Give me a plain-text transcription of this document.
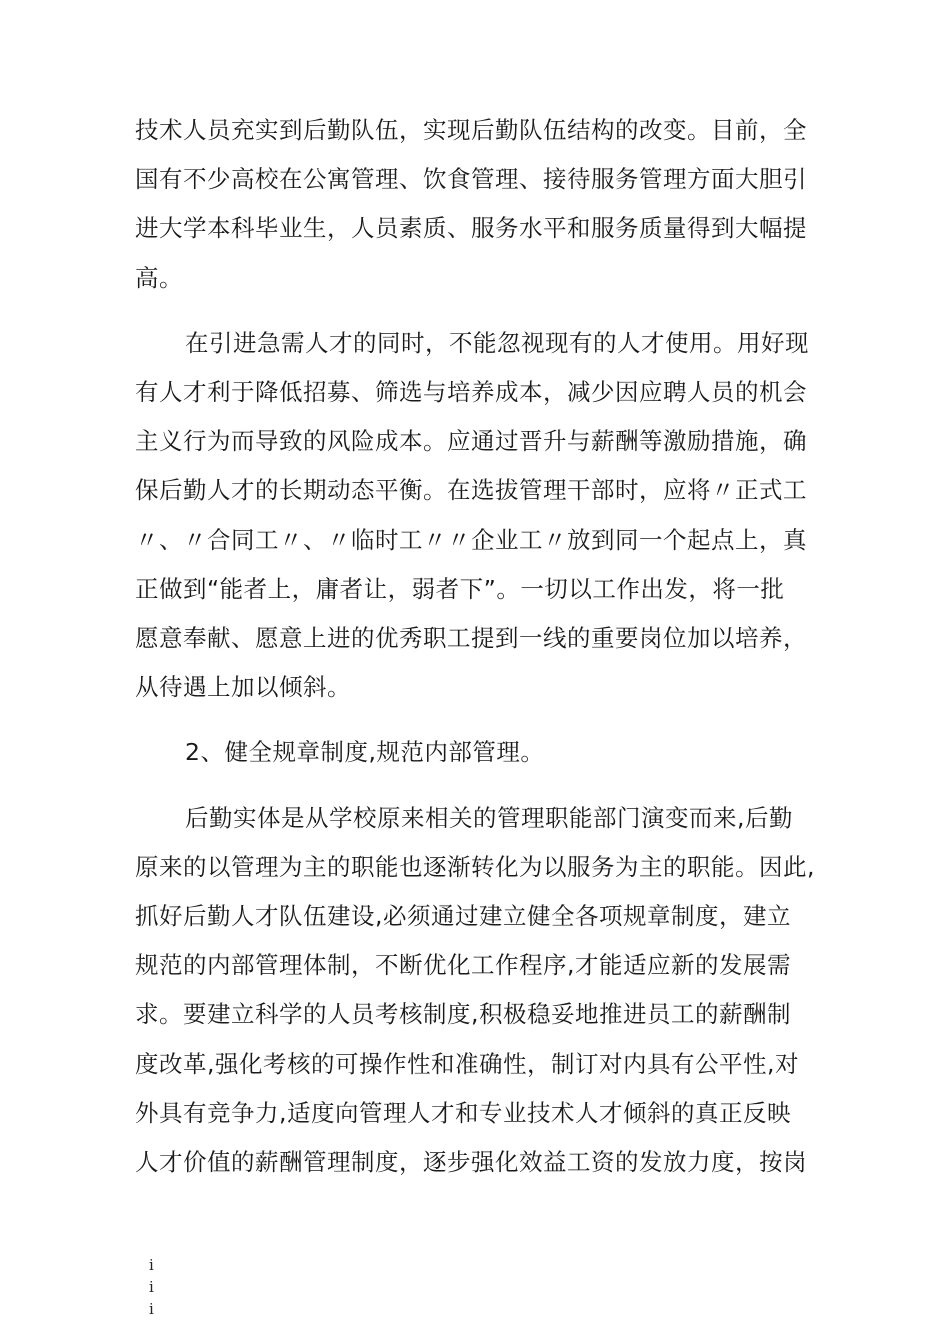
技术人员充实到后勤队伍，实现后勤队伍结构的改变。目前，全
国有不少高校在公寓管理、饮食管理、接待服务管理方面大胆引
进大学本科毕业生，人员素质、服务水平和服务质量得到大幅提
高。

在引进急需人才的同时，不能忽视现有的人才使用。用好现
有人才利于降低招募、筛选与培养成本，减少因应聘人员的机会
主义行为而导致的风险成本。应通过晋升与薪酬等激励措施，确
保后勤人才的长期动态平衡。在选拔管理干部时，应将〃正式工
〃、〃合同工〃、〃临时工〃〃企业工〃放到同一个起点上，真
正做到“能者上，庸者让，弱者下”。一切以工作出发，将一批
愿意奉献、愿意上进的优秀职工提到一线的重要岗位加以培养，
从待遇上加以倾斜。

2、健全规章制度,规范内部管理。

后勤实体是从学校原来相关的管理职能部门演变而来,后勤
原来的以管理为主的职能也逐渐转化为以服务为主的职能。因此,
抓好后勤人才队伍建设,必须通过建立健全各项规章制度，建立
规范的内部管理体制，不断优化工作程序,才能适应新的发展需
求。要建立科学的人员考核制度,积极稳妥地推进员工的薪酬制
度改革,强化考核的可操作性和准确性，制订对内具有公平性,对
外具有竞争力,适度向管理人才和专业技术人才倾斜的真正反映
人才价值的薪酬管理制度，逐步强化效益工资的发放力度，按岗

i
i
i
